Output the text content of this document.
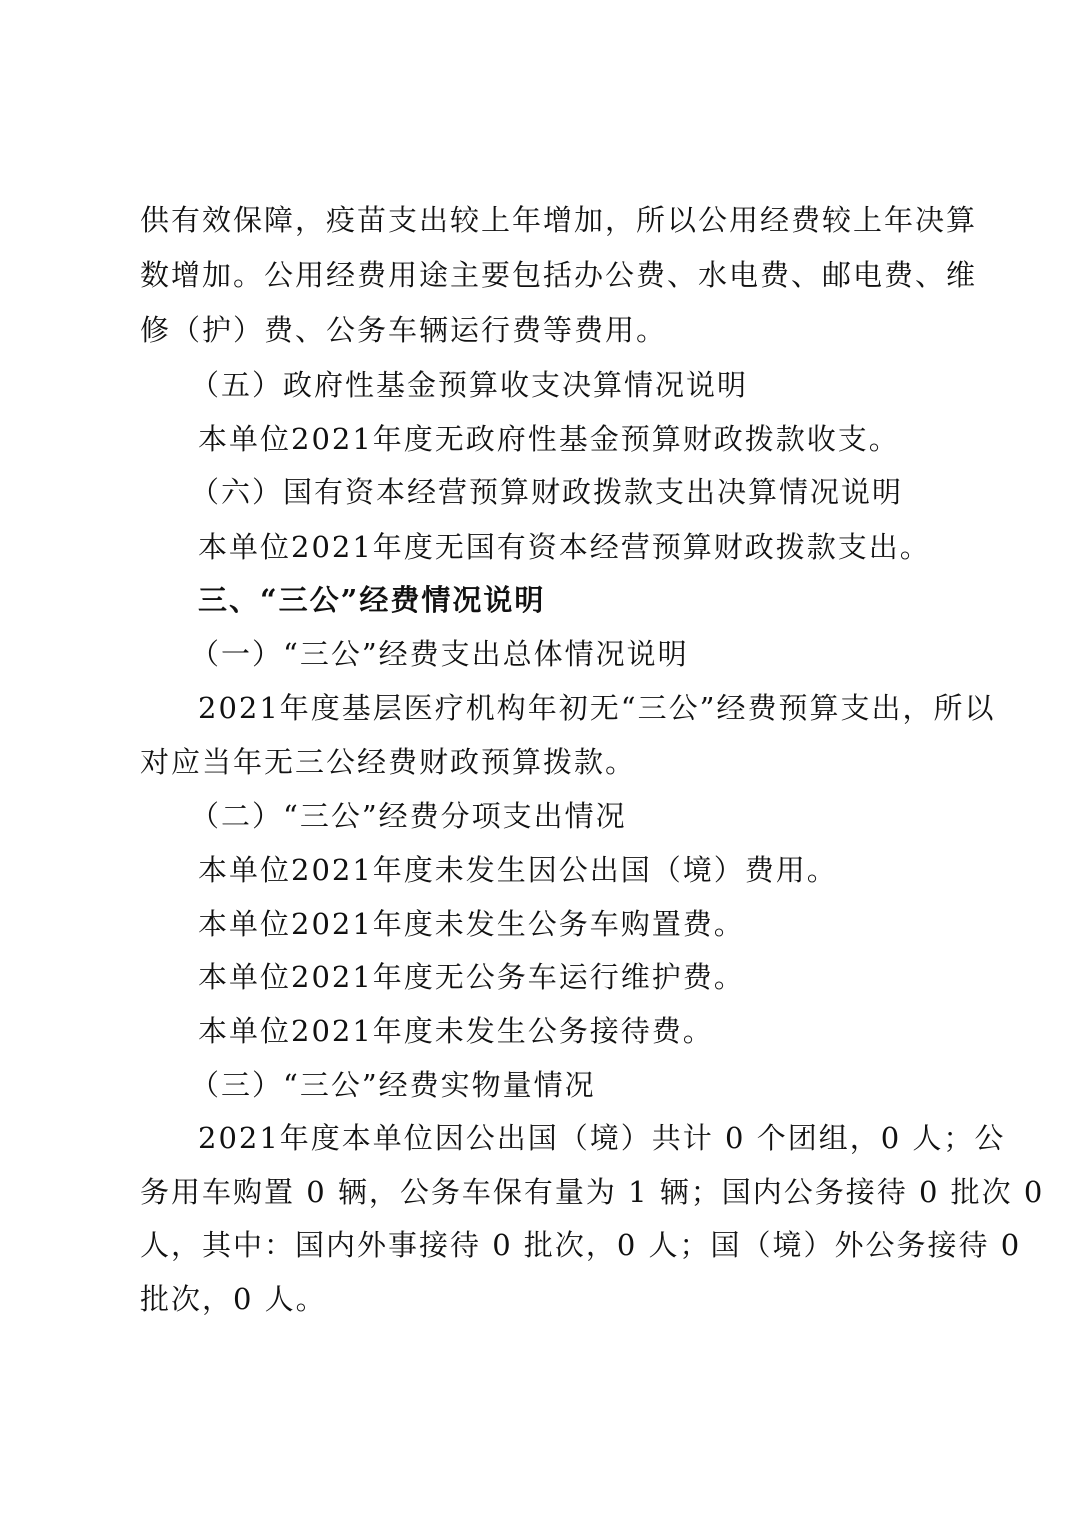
供有效保障，疫苗支出较上年增加，所以公用经费较上年决算
数增加。公用经费用途主要包括办公费、水电费、邮电费、维
修（护）费、公务车辆运行费等费用。
（五）政府性基金预算收支决算情况说明
本单位2021年度无政府性基金预算财政拨款收支。
（六）国有资本经营预算财政拨款支出决算情况说明
本单位2021年度无国有资本经营预算财政拨款支出。
三、“三公”经费情况说明
（一）“三公”经费支出总体情况说明
2021年度基层医疗机构年初无“三公”经费预算支出，所以
对应当年无三公经费财政预算拨款。
（二）“三公”经费分项支出情况
本单位2021年度未发生因公出国（境）费用。
本单位2021年度未发生公务车购置费。
本单位2021年度无公务车运行维护费。
本单位2021年度未发生公务接待费。
（三）“三公”经费实物量情况
2021年度本单位因公出国（境）共计 0 个团组，0 人；公
务用车购置 0 辆，公务车保有量为 1 辆；国内公务接待 0 批次 0
人，其中：国内外事接待 0 批次，0 人；国（境）外公务接待 0
批次，0 人。
